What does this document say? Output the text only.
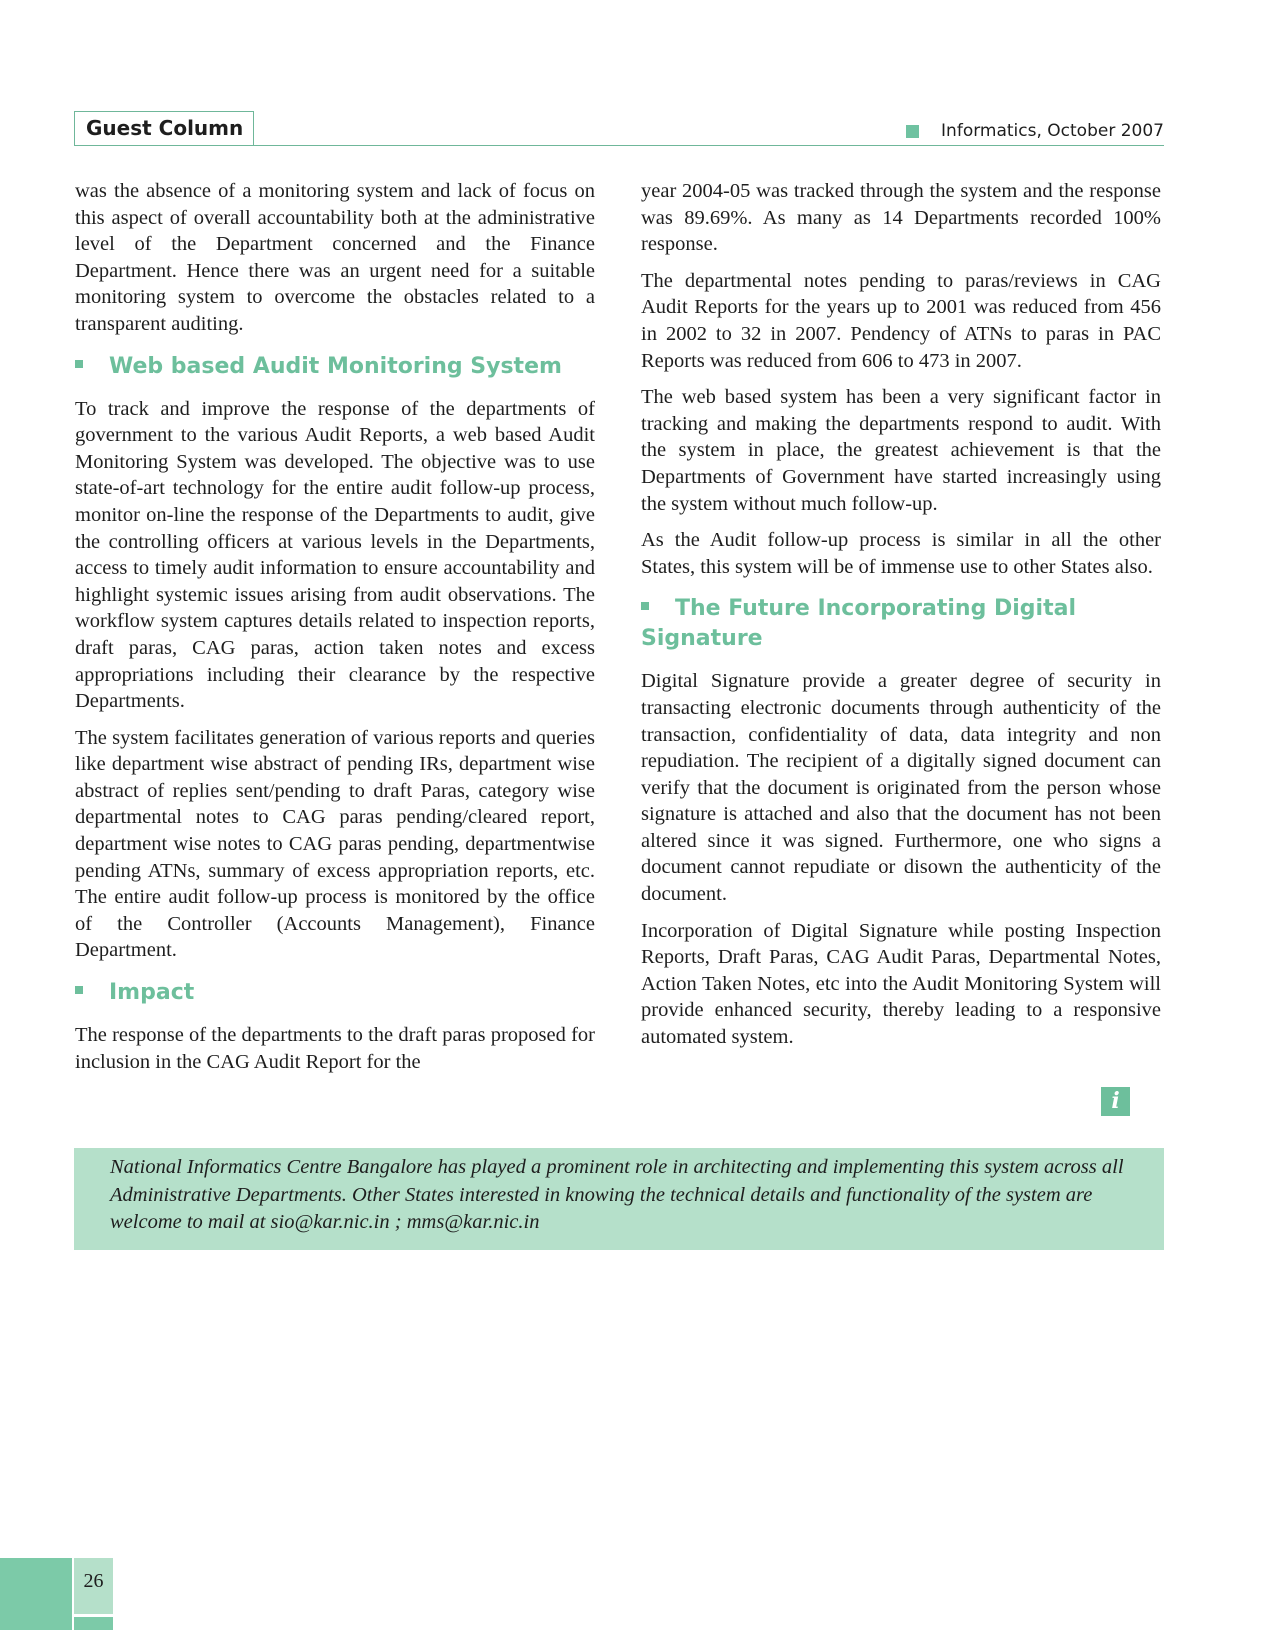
Guest Column	Informatics, October 2007

was the absence of a monitoring system and lack of focus on this aspect of overall accountability both at the administrative level of the Department concerned and the Finance Department. Hence there was an urgent need for a suitable monitoring system to overcome the obstacles related to a transparent auditing.

Web based Audit Monitoring System

To track and improve the response of the departments of government to the various Audit Reports, a web based Audit Monitoring System was developed. The objective was to use state-of-art technology for the entire audit follow-up process, monitor on-line the response of the Departments to audit, give the controlling officers at various levels in the Departments, access to timely audit information to ensure accountability and highlight systemic issues arising from audit observations. The workflow system captures details related to inspection reports, draft paras, CAG paras, action taken notes and excess appropriations including their clearance by the respective Departments.

The system facilitates generation of various reports and queries like department wise abstract of pending IRs, department wise abstract of replies sent/pending to draft Paras, category wise departmental notes to CAG paras pending/cleared report, department wise notes to CAG paras pending, departmentwise pending ATNs, summary of excess appropriation reports, etc. The entire audit follow-up process is monitored by the office of the Controller (Accounts Management), Finance Department.

Impact

The response of the departments to the draft paras proposed for inclusion in the CAG Audit Report for the

year 2004-05 was tracked through the system and the response was 89.69%. As many as 14 Departments recorded 100% response.

The departmental notes pending to paras/reviews in CAG Audit Reports for the years up to 2001 was reduced from 456 in 2002 to 32 in 2007. Pendency of ATNs to paras in PAC Reports was reduced from 606 to 473 in 2007.

The web based system has been a very significant factor in tracking and making the departments respond to audit. With the system in place, the greatest achievement is that the Departments of Government have started increasingly using the system without much follow-up.

As the Audit follow-up process is similar in all the other States, this system will be of immense use to other States also.

The Future Incorporating Digital Signature

Digital Signature provide a greater degree of security in transacting electronic documents through authenticity of the transaction, confidentiality of data, data integrity and non repudiation. The recipient of a digitally signed document can verify that the document is originated from the person whose signature is attached and also that the document has not been altered since it was signed. Furthermore, one who signs a document cannot repudiate or disown the authenticity of the document.

Incorporation of Digital Signature while posting Inspection Reports, Draft Paras, CAG Audit Paras, Departmental Notes, Action Taken Notes, etc into the Audit Monitoring System will provide enhanced security, thereby leading to a responsive automated system.

i
National Informatics Centre Bangalore has played a prominent role in architecting and implementing this system across all Administrative Departments. Other States interested in knowing the technical details and functionality of the system are welcome to mail at sio@kar.nic.in ; mms@kar.nic.in
26
